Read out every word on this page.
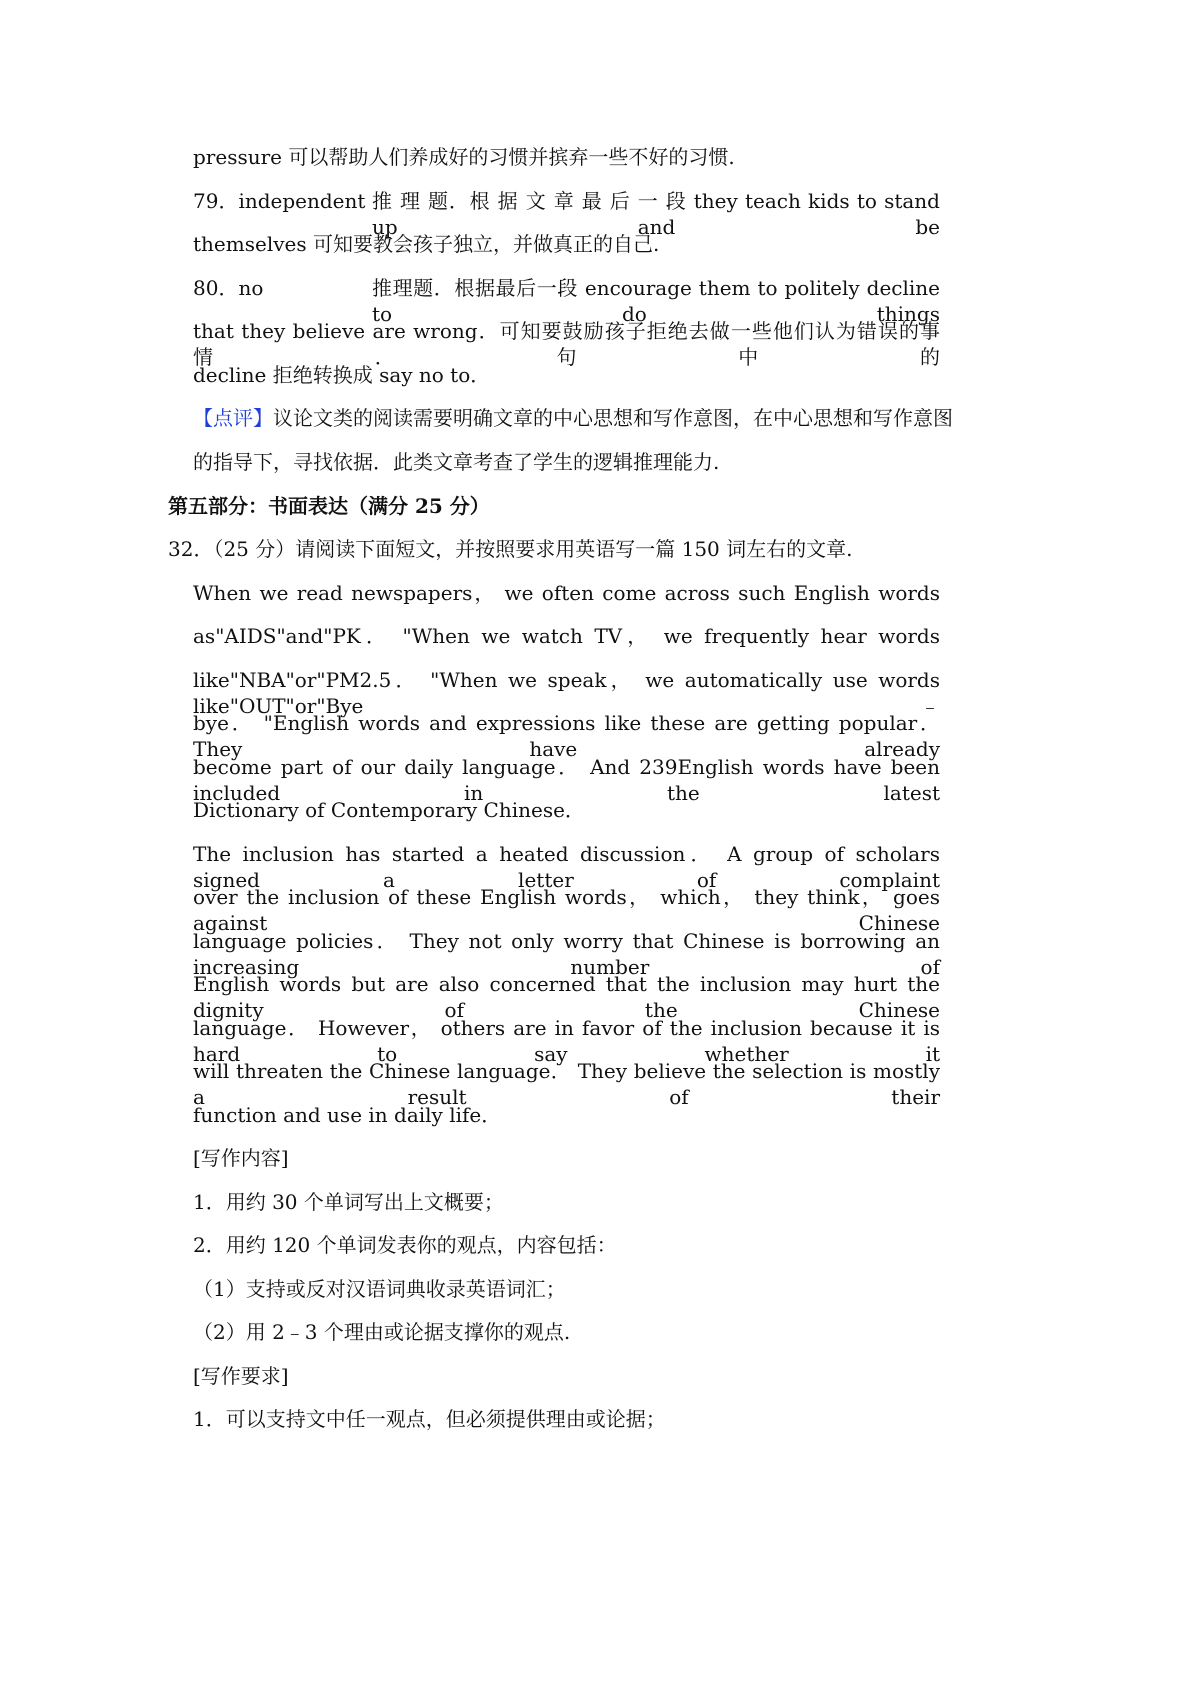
pressure 可以帮助人们养成好的习惯并摈弃一些不好的习惯.
79．independent 推 理 题．根 据 文 章 最 后 一 段 they teach kids to stand up and be
themselves 可知要教会孩子独立，并做真正的自己.
80．no	推理题．根据最后一段 encourage them to politely decline to do things
that they believe are wrong．可知要鼓励孩子拒绝去做一些他们认为错误的事情．句中的
decline 拒绝转换成 say no to．
【点评】议论文类的阅读需要明确文章的中心思想和写作意图，在中心思想和写作意图
的指导下，寻找依据．此类文章考查了学生的逻辑推理能力.
第五部分：书面表达（满分 25 分）
32．（25 分）请阅读下面短文，并按照要求用英语写一篇 150 词左右的文章.
When we read newspapers， we often come across such English words
as"AIDS"and"PK． "When we watch TV， we frequently hear words
like"NBA"or"PM2.5． "When we speak， we automatically use words like"OUT"or"Bye﹣
bye． "English words and expressions like these are getting popular． They have already
become part of our daily language． And 239English words have been included in the latest
Dictionary of Contemporary Chinese．
The inclusion has started a heated discussion． A group of scholars signed a letter of complaint
over the inclusion of these English words， which， they think， goes against Chinese
language policies． They not only worry that Chinese is borrowing an increasing number of
English words but are also concerned that the inclusion may hurt the dignity of the Chinese
language． However， others are in favor of the inclusion because it is hard to say whether it
will threaten the Chinese language． They believe the selection is mostly a result of their
function and use in daily life．
[写作内容]
1．用约 30 个单词写出上文概要；
2．用约 120 个单词发表你的观点，内容包括：
（1）支持或反对汉语词典收录英语词汇；
（2）用 2﹣3 个理由或论据支撑你的观点.
[写作要求]
1．可以支持文中任一观点，但必须提供理由或论据；
